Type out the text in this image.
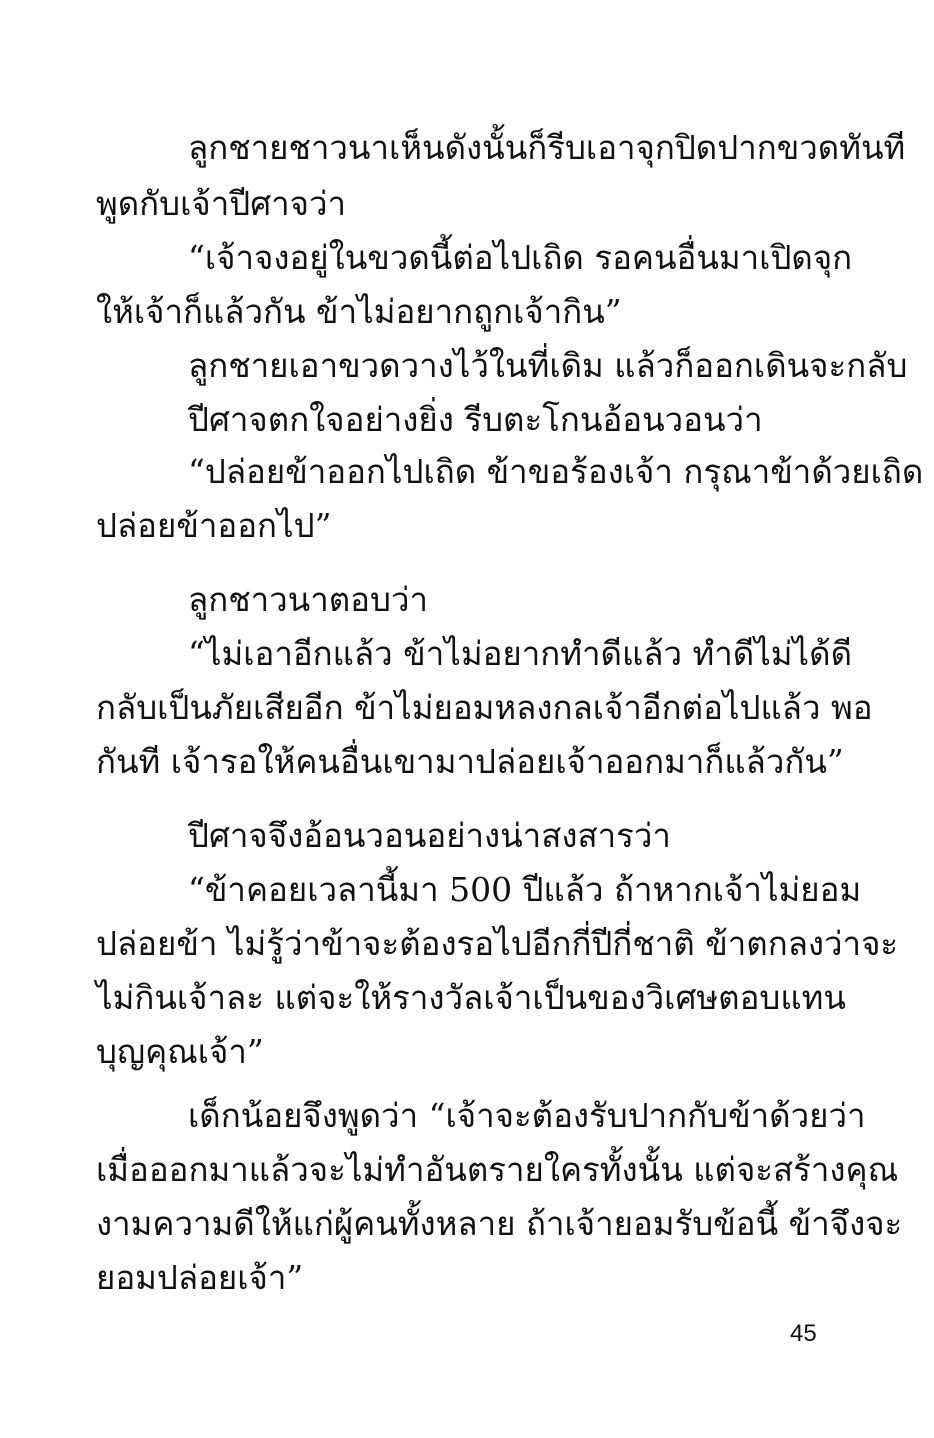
ลูกชายชาวนาเห็นดังนั้นก็รีบเอาจุกปิดปากขวดทันที
พูดกับเจ้าปีศาจว่า
“เจ้าจงอยู่ในขวดนี้ต่อไปเถิด รอคนอื่นมาเปิดจุก
ให้เจ้าก็แล้วกัน ข้าไม่อยากถูกเจ้ากิน”
ลูกชายเอาขวดวางไว้ในที่เดิม แล้วก็ออกเดินจะกลับ
ปีศาจตกใจอย่างยิ่ง รีบตะโกนอ้อนวอนว่า
“ปล่อยข้าออกไปเถิด ข้าขอร้องเจ้า กรุณาข้าด้วยเถิด
ปล่อยข้าออกไป”
ลูกชาวนาตอบว่า
“ไม่เอาอีกแล้ว ข้าไม่อยากทำดีแล้ว ทำดีไม่ได้ดี
กลับเป็นภัยเสียอีก ข้าไม่ยอมหลงกลเจ้าอีกต่อไปแล้ว พอ
กันที เจ้ารอให้คนอื่นเขามาปล่อยเจ้าออกมาก็แล้วกัน”
ปีศาจจึงอ้อนวอนอย่างน่าสงสารว่า
“ข้าคอยเวลานี้มา 500 ปีแล้ว ถ้าหากเจ้าไม่ยอม
ปล่อยข้า ไม่รู้ว่าข้าจะต้องรอไปอีกกี่ปีกี่ชาติ ข้าตกลงว่าจะ
ไม่กินเจ้าละ แต่จะให้รางวัลเจ้าเป็นของวิเศษตอบแทน
บุญคุณเจ้า”
เด็กน้อยจึงพูดว่า “เจ้าจะต้องรับปากกับข้าด้วยว่า
เมื่อออกมาแล้วจะไม่ทำอันตรายใครทั้งนั้น แต่จะสร้างคุณ
งามความดีให้แก่ผู้คนทั้งหลาย ถ้าเจ้ายอมรับข้อนี้ ข้าจึงจะ
ยอมปล่อยเจ้า”
45
